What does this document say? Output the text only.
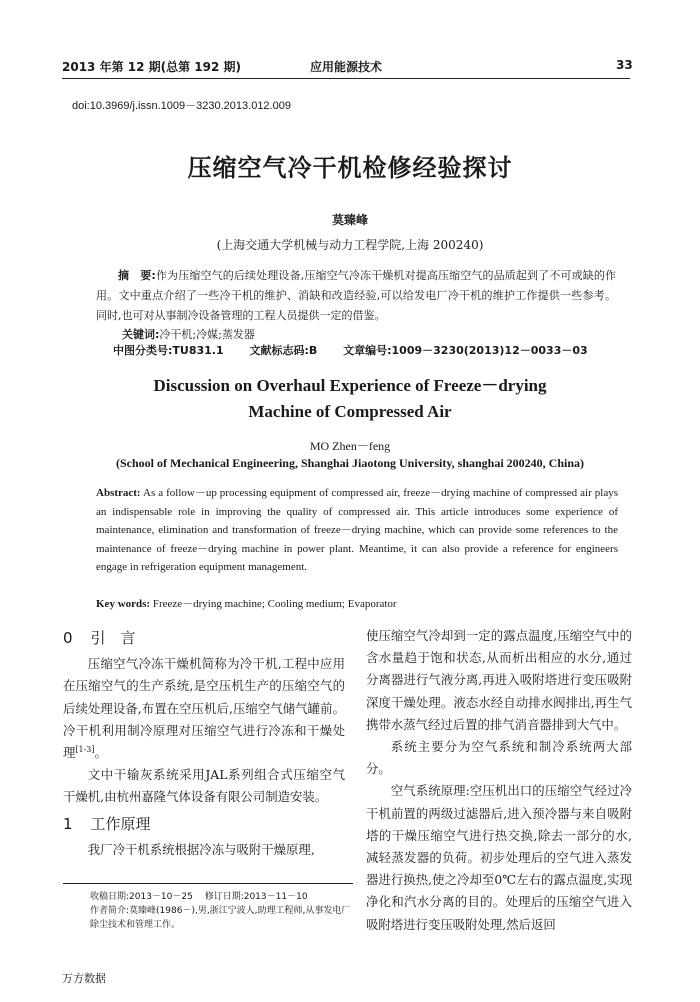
2013 年第 12 期(总第 192 期)	应用能源技术	33
doi:10.3969/j.issn.1009－3230.2013.012.009
压缩空气冷干机检修经验探讨
莫臻峰
(上海交通大学机械与动力工程学院,上海 200240)
摘　要:作为压缩空气的后续处理设备,压缩空气冷冻干燥机对提高压缩空气的品质起到了不可或缺的作用。文中重点介绍了一些冷干机的维护、消缺和改造经验,可以给发电厂冷干机的维护工作提供一些参考。同时,也可对从事制冷设备管理的工程人员提供一定的借鉴。
关键词:冷干机;冷媒;蒸发器
中图分类号:TU831.1 文献标志码:B 文章编号:1009－3230(2013)12－0033－03
Discussion on Overhaul Experience of Freeze－drying
Machine of Compressed Air
MO Zhen－feng
(School of Mechanical Engineering, Shanghai Jiaotong University, shanghai 200240, China)
Abstract: As a follow－up processing equipment of compressed air, freeze－drying machine of compressed air plays an indispensable role in improving the quality of compressed air. This article introduces some experience of maintenance, elimination and transformation of freeze－drying machine, which can provide some references to the maintenance of freeze－drying machine in power plant. Meantime, it can also provide a reference for engineers engage in refrigeration equipment management.
Key words: Freeze－drying machine; Cooling medium; Evaporator

0 引　言

压缩空气冷冻干燥机简称为冷干机,工程中应用在压缩空气的生产系统,是空压机生产的压缩空气的后续处理设备,布置在空压机后,压缩空气储气罐前。冷干机利用制冷原理对压缩空气进行冷冻和干燥处理[1-3]。

文中干输灰系统采用JAL系列组合式压缩空气干燥机,由杭州嘉隆气体设备有限公司制造安装。

1 工作原理

我厂冷干机系统根据冷冻与吸附干燥原理,

使压缩空气冷却到一定的露点温度,压缩空气中的含水量趋于饱和状态,从而析出相应的水分,通过分离器进行气液分离,再进入吸附塔进行变压吸附深度干燥处理。液态水经自动排水阀排出,再生气携带水蒸气经过后置的排气消音器排到大气中。

系统主要分为空气系统和制冷系统两大部分。

空气系统原理:空压机出口的压缩空气经过冷干机前置的两级过滤器后,进入预冷器与来自吸附塔的干燥压缩空气进行热交换,除去一部分的水,减轻蒸发器的负荷。初步处理后的空气进入蒸发器进行换热,使之冷却至0℃左右的露点温度,实现净化和汽水分离的目的。处理后的压缩空气进入吸附塔进行变压吸附处理,然后返回

收稿日期:2013－10－25　 修订日期:2013－11－10
作者简介:莫臻峰(1986－),男,浙江宁波人,助理工程师,从事发电厂除尘技术和管理工作。
万方数据
